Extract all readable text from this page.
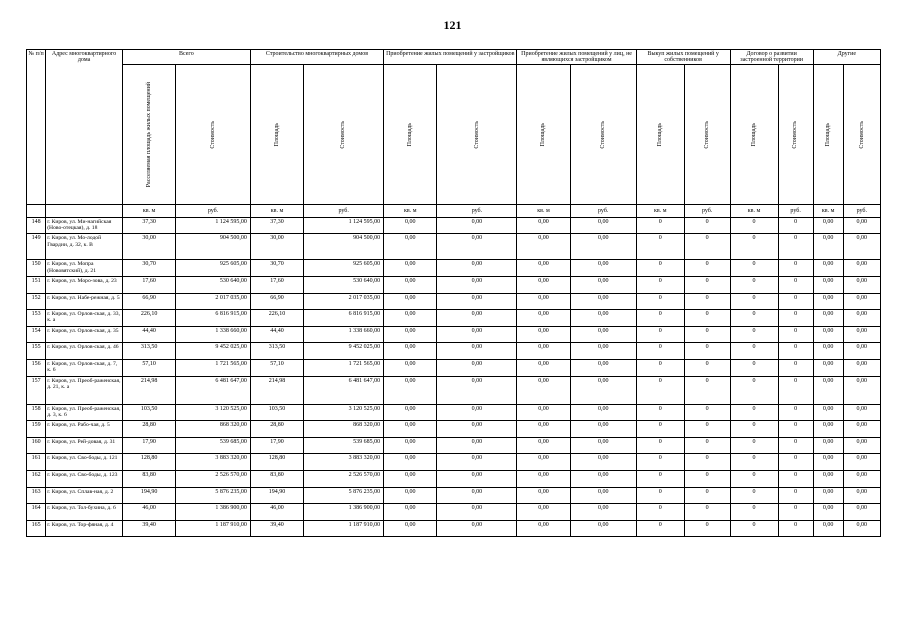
121
№ п/п	Адрес многоквартирного дома	Всего		Строительство многоквартирных домов		Приобретение жилых помещений у застройщиков		Приобретение жилых помещений у лиц, не являющихся застройщиком		Выкуп жилых помещений у собственников		Договор о развитии застроенной территории		Другие	

		Расселяемая площадь жилых помещений	Стоимость	Площадь	Стоимость	Площадь	Стоимость	Площадь	Стоимость	Площадь	Стоимость	Площадь	Стоимость	Площадь	Стоимость

		кв. м	руб.	кв. м	руб.	кв. м	руб.	кв. м	руб.	кв. м	руб.	кв. м	руб.	кв. м	руб.
148	г. Киров, ул. Ми-нагийская (Ново-отецкая), д. 18	37,30	1 124 595,00	37,30	1 124 595,00	0,00	0,00	0,00	0,00	0	0	0	0	0,00	0,00
149	г. Киров, ул. Мо-лодой Гвардии, д. 32, к. В	30,00	904 500,00	30,00	904 500,00	0,00	0,00	0,00	0,00	0	0	0	0	0,00	0,00
150	г. Киров, ул. Мопра (Нововятский), д. 21	30,70	925 605,00	30,70	925 605,00	0,00	0,00	0,00	0,00	0	0	0	0	0,00	0,00
151	г. Киров, ул. Моро-зова, д. 23	17,60	530 640,00	17,60	530 640,00	0,00	0,00	0,00	0,00	0	0	0	0	0,00	0,00
152	г. Киров, ул. Набе-режная, д. 5	66,90	2 017 035,00	66,90	2 017 035,00	0,00	0,00	0,00	0,00	0	0	0	0	0,00	0,00
153	г. Киров, ул. Орлов-ская, д. 33, к. а	226,10	6 816 915,00	226,10	6 816 915,00	0,00	0,00	0,00	0,00	0	0	0	0	0,00	0,00
154	г. Киров, ул. Орлов-ская, д. 35	44,40	1 338 660,00	44,40	1 338 660,00	0,00	0,00	0,00	0,00	0	0	0	0	0,00	0,00
155	г. Киров, ул. Орлов-ская, д. 46	313,50	9 452 025,00	313,50	9 452 025,00	0,00	0,00	0,00	0,00	0	0	0	0	0,00	0,00
156	г. Киров, ул. Орлов-ская, д. 7, к. 6	57,10	1 721 565,00	57,10	1 721 565,00	0,00	0,00	0,00	0,00	0	0	0	0	0,00	0,00
157	г. Киров, ул. Преоб-раженская, д. 21, к. а	214,98	6 481 647,00	214,98	6 481 647,00	0,00	0,00	0,00	0,00	0	0	0	0	0,00	0,00
158	г. Киров, ул. Преоб-раженская, д. 3, к. 6	103,50	3 120 525,00	103,50	3 120 525,00	0,00	0,00	0,00	0,00	0	0	0	0	0,00	0,00
159	г. Киров, ул. Рабо-чая, д. 5	28,80	868 320,00	28,80	868 320,00	0,00	0,00	0,00	0,00	0	0	0	0	0,00	0,00
160	г. Киров, ул. Рей-довая, д. 31	17,90	539 685,00	17,90	539 685,00	0,00	0,00	0,00	0,00	0	0	0	0	0,00	0,00
161	г. Киров, ул. Сво-боды, д. 121	128,80	3 883 320,00	128,80	3 883 320,00	0,00	0,00	0,00	0,00	0	0	0	0	0,00	0,00
162	г. Киров, ул. Сво-боды, д. 123	83,80	2 526 570,00	83,80	2 526 570,00	0,00	0,00	0,00	0,00	0	0	0	0	0,00	0,00
163	г. Киров, ул. Сплав-ная, д. 2	194,90	5 876 235,00	194,90	5 876 235,00	0,00	0,00	0,00	0,00	0	0	0	0	0,00	0,00
164	г. Киров, ул. Тол-бухина, д. 6	46,00	1 386 900,00	46,00	1 386 900,00	0,00	0,00	0,00	0,00	0	0	0	0	0,00	0,00
165	г. Киров, ул. Тор-фяная, д. 4	39,40	1 187 910,00	39,40	1 187 910,00	0,00	0,00	0,00	0,00	0	0	0	0	0,00	0,00
